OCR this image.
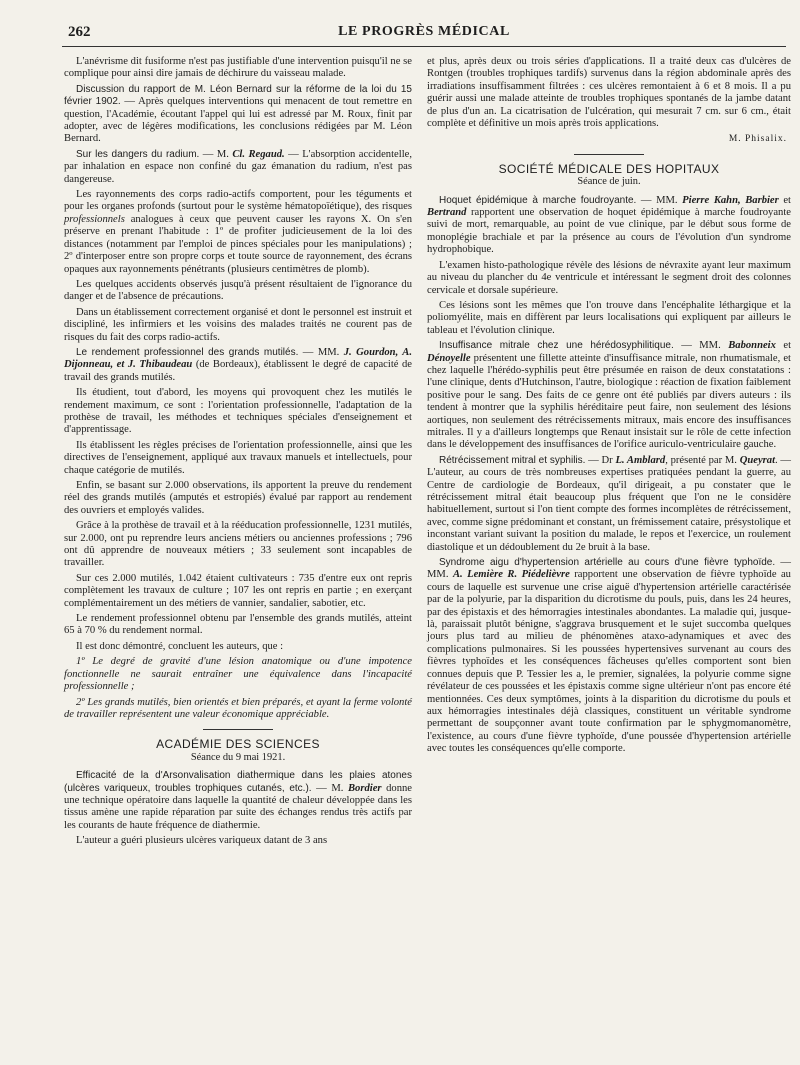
262	LE PROGRÈS MÉDICAL

L'anévrisme dit fusiforme n'est pas justifiable d'une intervention puisqu'il ne se complique pour ainsi dire jamais de déchirure du vaisseau malade.

Discussion du rapport de M. Léon Bernard sur la réforme de la loi du 15 février 1902. — Après quelques interventions qui menacent de tout remettre en question, l'Académie, écoutant l'appel qui lui est adressé par M. Roux, finit par adopter, avec de légères modifications, les conclusions rédigées par M. Léon Bernard.

Sur les dangers du radium. — M. Cl. Regaud. — L'absorption accidentelle, par inhalation en espace non confiné du gaz émanation du radium, n'est pas dangereuse.

Les rayonnements des corps radio-actifs comportent, pour les téguments et pour les organes profonds (surtout pour le système hématopoïétique), des risques professionnels analogues à ceux que peuvent causer les rayons X. On s'en préserve en prenant l'habitude : 1º de profiter judicieusement de la loi des distances (notamment par l'emploi de pinces spéciales pour les manipulations) ; 2º d'interposer entre son propre corps et toute source de rayonnement, des écrans opaques aux rayonnements pénétrants (plusieurs centimètres de plomb).

Les quelques accidents observés jusqu'à présent résultaient de l'ignorance du danger et de l'absence de précautions.

Dans un établissement correctement organisé et dont le personnel est instruit et discipliné, les infirmiers et les voisins des malades traités ne courent pas de risques du fait des corps radio-actifs.

Le rendement professionnel des grands mutilés. — MM. J. Gourdon, A. Dijonneau, et J. Thibaudeau (de Bordeaux), établissent le degré de capacité de travail des grands mutilés.

Ils étudient, tout d'abord, les moyens qui provoquent chez les mutilés le rendement maximum, ce sont : l'orientation professionnelle, l'adaptation de la prothèse de travail, les méthodes et techniques spéciales d'enseignement et d'apprentissage.

Ils établissent les règles précises de l'orientation professionnelle, ainsi que les directives de l'enseignement, appliqué aux travaux manuels et intellectuels, pour chaque catégorie de mutilés.

Enfin, se basant sur 2.000 observations, ils apportent la preuve du rendement réel des grands mutilés (amputés et estropiés) évalué par rapport au rendement des ouvriers et employés valides.

Grâce à la prothèse de travail et à la rééducation professionnelle, 1231 mutilés, sur 2.000, ont pu reprendre leurs anciens métiers ou anciennes professions ; 796 ont dû apprendre de nouveaux métiers ; 33 seulement sont incapables de travailler.

Sur ces 2.000 mutilés, 1.042 étaient cultivateurs : 735 d'entre eux ont repris complètement les travaux de culture ; 107 les ont repris en partie ; en exerçant complémentairement un des métiers de vannier, sandalier, sabotier, etc.

Le rendement professionnel obtenu par l'ensemble des grands mutilés, atteint 65 à 70 % du rendement normal.

Il est donc démontré, concluent les auteurs, que :

1º Le degré de gravité d'une lésion anatomique ou d'une impotence fonctionnelle ne saurait entraîner une équivalence dans l'incapacité professionnelle ;

2º Les grands mutilés, bien orientés et bien préparés, et ayant la ferme volonté de travailler représentent une valeur économique appréciable.

ACADÉMIE DES SCIENCES
Séance du 9 mai 1921.

Efficacité de la d'Arsonvalisation diathermique dans les plaies atones (ulcères variqueux, troubles trophiques cutanés, etc.). — M. Bordier donne une technique opératoire dans laquelle la quantité de chaleur développée dans les tissus amène une rapide réparation par suite des échanges rendus très actifs par les courants de haute fréquence de diathermie.

L'auteur a guéri plusieurs ulcères variqueux datant de 3 ans

et plus, après deux ou trois séries d'applications. Il a traité deux cas d'ulcères de Rontgen (troubles trophiques tardifs) survenus dans la région abdominale après des irradiations insuffisamment filtrées : ces ulcères remontaient à 6 et 8 mois. Il a pu guérir aussi une malade atteinte de troubles trophiques spontanés de la jambe datant de plus d'un an. La cicatrisation de l'ulcération, qui mesurait 7 cm. sur 6 cm., était complète et définitive un mois après trois applications.

M. Phisalix.
SOCIÉTÉ MÉDICALE DES HOPITAUX
Séance de juin.

Hoquet épidémique à marche foudroyante. — MM. Pierre Kahn, Barbier et Bertrand rapportent une observation de hoquet épidémique à marche foudroyante suivi de mort, remarquable, au point de vue clinique, par le début sous forme de monoplégie brachiale et par la présence au cours de l'évolution d'un syndrome hydrophobique.

L'examen histo-pathologique révèle des lésions de névraxite ayant leur maximum au niveau du plancher du 4e ventricule et intéressant le segment droit des colonnes cervicale et dorsale supérieure.

Ces lésions sont les mêmes que l'on trouve dans l'encéphalite léthargique et la poliomyélite, mais en diffèrent par leurs localisations qui expliquent par ailleurs le tableau et l'évolution clinique.

Insuffisance mitrale chez une hérédosyphilitique. — MM. Babonneix et Dénoyelle présentent une fillette atteinte d'insuffisance mitrale, non rhumatismale, et chez laquelle l'hérédo-syphilis peut être présumée en raison de deux constatations : l'une clinique, dents d'Hutchinson, l'autre, biologique : réaction de fixation faiblement positive pour le sang. Des faits de ce genre ont été publiés par divers auteurs : ils tendent à montrer que la syphilis héréditaire peut faire, non seulement des lésions aortiques, non seulement des rétrécissements mitraux, mais encore des insuffisances mitrales. Il y a d'ailleurs longtemps que Renaut insistait sur le rôle de cette infection dans le développement des insuffisances de l'orifice auriculo-ventriculaire gauche.

Rétrécissement mitral et syphilis. — Dr L. Amblard, présenté par M. Queyrat. — L'auteur, au cours de très nombreuses expertises pratiquées pendant la guerre, au Centre de cardiologie de Bordeaux, qu'il dirigeait, a pu constater que le rétrécissement mitral était beaucoup plus fréquent que l'on ne le considère habituellement, surtout si l'on tient compte des formes incomplètes de rétrécissement, avec, comme signe prédominant et constant, un frémissement cataire, présystolique et inconstant variant suivant la position du malade, le repos et l'exercice, un roulement diastolique et un dédoublement du 2e bruit à la base.

Syndrome aigu d'hypertension artérielle au cours d'une fièvre typhoïde. — MM. A. Lemière R. Piédelièvre rapportent une observation de fièvre typhoïde au cours de laquelle est survenue une crise aiguë d'hypertension artérielle caractérisée par de la polyurie, par la disparition du dicrotisme du pouls, puis, dans les 24 heures, par des épistaxis et des hémorragies intestinales abondantes. La maladie qui, jusque-là, paraissait plutôt bénigne, s'aggrava brusquement et le sujet succomba quelques jours plus tard au milieu de phénomènes ataxo-adynamiques et avec des complications pulmonaires. Si les poussées hypertensives survenant au cours des fièvres typhoïdes et les conséquences fâcheuses qu'elles comportent sont bien connues depuis que P. Tessier les a, le premier, signalées, la polyurie comme signe révélateur de ces poussées et les épistaxis comme signe ultérieur n'ont pas encore été mentionnées. Ces deux symptômes, joints à la disparition du dicrotisme du pouls et aux hémorragies intestinales déjà classiques, constituent un véritable syndrome permettant de soupçonner avant toute confirmation par le sphygmomanomètre, l'existence, au cours d'une fièvre typhoïde, d'une poussée d'hypertension artérielle avec toutes les conséquences qu'elle comporte.
